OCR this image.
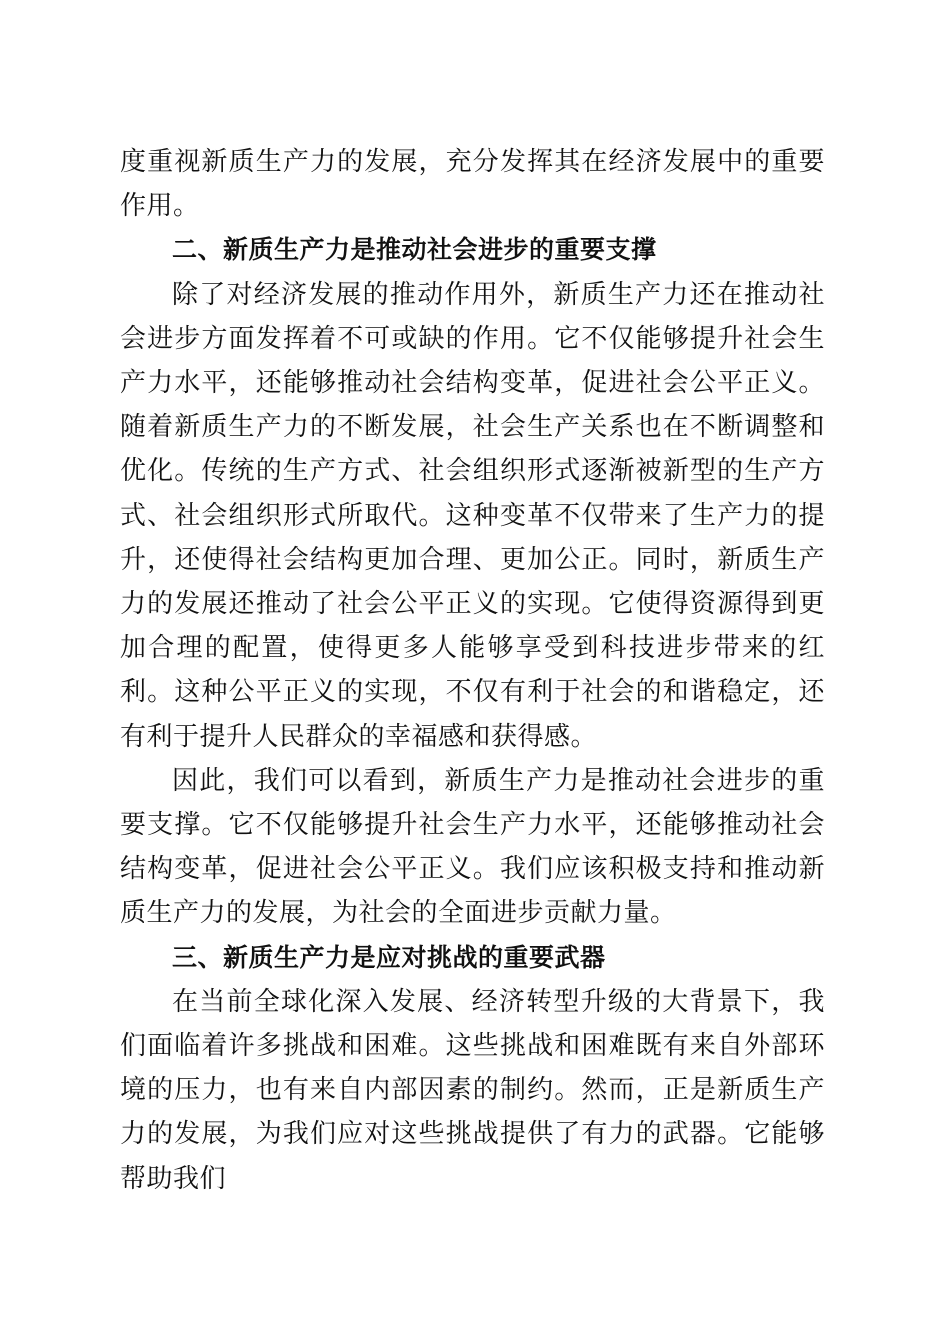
度重视新质生产力的发展，充分发挥其在经济发展中的重要作用。

二、新质生产力是推动社会进步的重要支撑

除了对经济发展的推动作用外，新质生产力还在推动社会进步方面发挥着不可或缺的作用。它不仅能够提升社会生产力水平，还能够推动社会结构变革，促进社会公平正义。随着新质生产力的不断发展，社会生产关系也在不断调整和优化。传统的生产方式、社会组织形式逐渐被新型的生产方式、社会组织形式所取代。这种变革不仅带来了生产力的提升，还使得社会结构更加合理、更加公正。同时，新质生产力的发展还推动了社会公平正义的实现。它使得资源得到更加合理的配置，使得更多人能够享受到科技进步带来的红利。这种公平正义的实现，不仅有利于社会的和谐稳定，还有利于提升人民群众的幸福感和获得感。

因此，我们可以看到，新质生产力是推动社会进步的重要支撑。它不仅能够提升社会生产力水平，还能够推动社会结构变革，促进社会公平正义。我们应该积极支持和推动新质生产力的发展，为社会的全面进步贡献力量。

三、新质生产力是应对挑战的重要武器

在当前全球化深入发展、经济转型升级的大背景下，我们面临着许多挑战和困难。这些挑战和困难既有来自外部环境的压力，也有来自内部因素的制约。然而，正是新质生产力的发展，为我们应对这些挑战提供了有力的武器。它能够帮助我们
